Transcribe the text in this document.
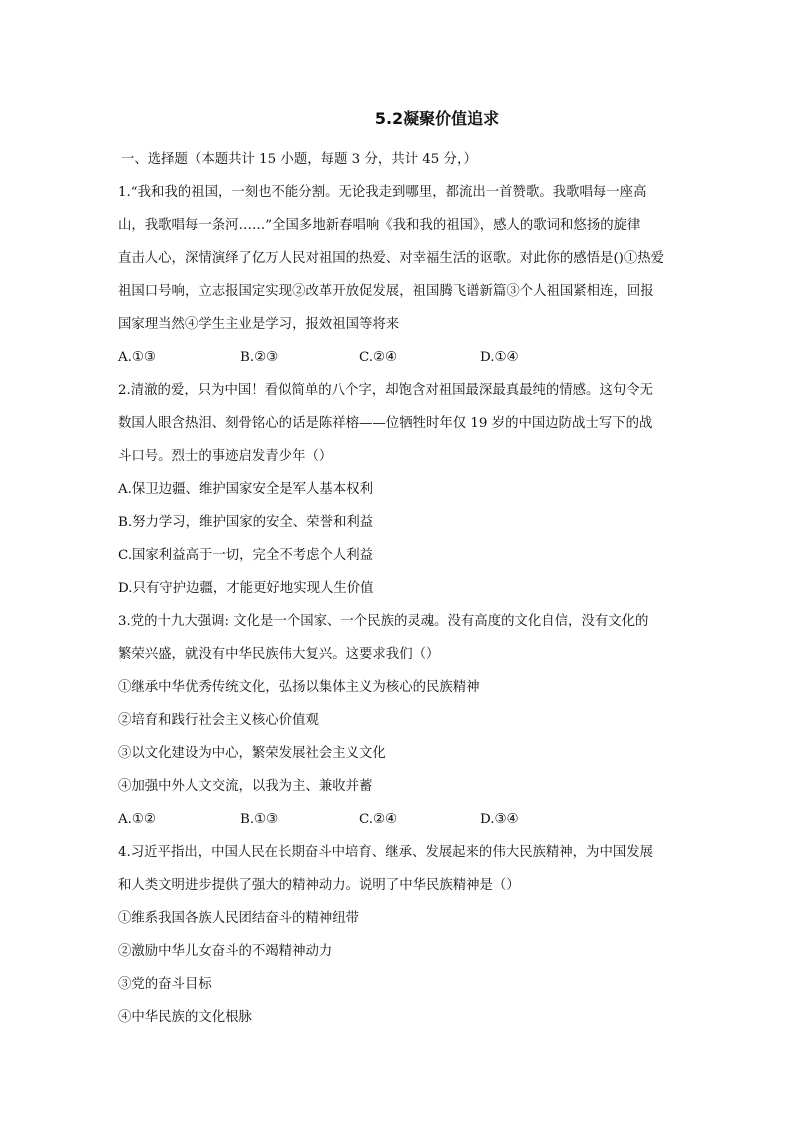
5.2凝聚价值追求
一、选择题（本题共计 15 小题，每题 3 分，共计 45 分，）
1.“我和我的祖国，一刻也不能分割。无论我走到哪里，都流出一首赞歌。我歌唱每一座高
山，我歌唱每一条河……”全国多地新春唱响《我和我的祖国》，感人的歌词和悠扬的旋律
直击人心，深情演绎了亿万人民对祖国的热爱、对幸福生活的讴歌。对此你的感悟是()①热爱
祖国口号响，立志报国定实现②改革开放促发展，祖国腾飞谱新篇③个人祖国紧相连，回报
国家理当然④学生主业是学习，报效祖国等将来
A.①③	B.②③	C.②④	D.①④
2.清澈的爱，只为中国！看似简单的八个字，却饱含对祖国最深最真最纯的情感。这句令无
数国人眼含热泪、刻骨铭心的话是陈祥榕——位牺牲时年仅 19 岁的中国边防战士写下的战
斗口号。烈士的事迹启发青少年（）
A.保卫边疆、维护国家安全是军人基本权利
B.努力学习，维护国家的安全、荣誉和利益
C.国家利益高于一切，完全不考虑个人利益
D.只有守护边疆，才能更好地实现人生价值
3.党的十九大强调: 文化是一个国家、一个民族的灵魂。没有高度的文化自信，没有文化的
繁荣兴盛，就没有中华民族伟大复兴。这要求我们（）
①继承中华优秀传统文化，弘扬以集体主义为核心的民族精神
②培育和践行社会主义核心价值观
③以文化建设为中心，繁荣发展社会主义文化
④加强中外人文交流，以我为主、兼收并蓄
A.①②	B.①③	C.②④	D.③④
4.习近平指出，中国人民在长期奋斗中培育、继承、发展起来的伟大民族精神，为中国发展
和人类文明进步提供了强大的精神动力。说明了中华民族精神是（）
①维系我国各族人民团结奋斗的精神纽带
②激励中华儿女奋斗的不竭精神动力
③党的奋斗目标
④中华民族的文化根脉
